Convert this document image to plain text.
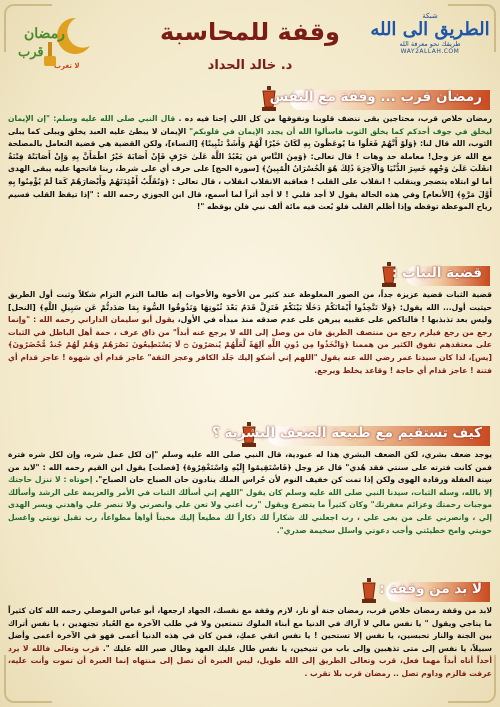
رمضان
قرب
لا تغرب
شبكة
الطريق الى الله
طريقك نحو معرفة الله
WAY2ALLAH.COM
وقفة للمحاسبة
د. خالد الحداد
رمضان قرب ... وقفة مع النفس
رمضان خلاص قرب، محتاجين بقى ننضف قلوبنا ونفوقها من كل اللي إحنا فيه ده . قال النبي صلى الله عليه وسلم: "إن الإيمان ليخلق في جوف أحدكم كما يخلق الثوب فاسألوا الله أن يجدد الإيمان في قلوبكم" الإيمان لا يبطئ عليه العبد يخلق ويبلى كما يبلى الثوب، الله قال لنا: ﴿وَلَوْ أَنَّهُمْ فَعَلُوا مَا يُوعَظُونَ بِهِ لَكَانَ خَيْرًا لَّهُمْ وَأَشَدَّ تَثْبِيتًا﴾ [النساء]، ولكن القضية هي قضية التعامل بالمصلحة مع الله عز وجل! معاملة حد وهات ! قال تعالى: ﴿وَمِنَ النَّاسِ مَن يَعْبُدُ اللَّهَ عَلَىٰ حَرْفٍ فَإِنْ أَصَابَهُ خَيْرٌ اطْمَأَنَّ بِهِ وَإِنْ أَصَابَتْهُ فِتْنَةٌ انقَلَبَ عَلَىٰ وَجْهِهِ خَسِرَ الدُّنْيَا وَالْآخِرَةَ ذَٰلِكَ هُوَ الْخُسْرَانُ الْمُبِينُ﴾ [سورة الحج] على حرف أي على شرط، ربنا فاتحها عليه يبقى الهدى أما لو ابتلاه يتضجر وينقلب ! انقلاب على القلب ! فعاقبة الانقلاب انقلاب ، قال تعالى : ﴿وَنُقَلِّبُ أَفْئِدَتَهُمْ وَأَبْصَارَهُمْ كَمَا لَمْ يُؤْمِنُوا بِهِ أَوَّلَ مَرَّةٍ﴾ [الأنعام] وفي هذه الحالة يقول لا أجد قلبي ! لا أجد أثراً لما أسمع، قال ابن الجوزي رحمه الله : "إذا تيقظ القلب فسيم رياح الموعظة توقظه وإذا أظلم القلب فلو بُعث فيه مائة ألف نبي فلن يوقظه "!
قضية الثبات :
قضية الثبات قضية عزيزة جداً، من الصور المغلوطة عند كثير من الأخوة والأخوات إنه طالما التزم التزام شكلاً وثبت أول الطريق حيثبت أول... الله يقول: ﴿وَلَا تَتَّخِذُوا أَيْمَانَكُمْ دَخَلًا بَيْنَكُمْ فَتَزِلَّ قَدَمٌ بَعْدَ ثُبُوتِهَا وَتَذُوقُوا السُّوءَ بِمَا صَدَدتُّمْ عَن سَبِيلِ اللَّهِ﴾ [النحل] وليس بعد تذبذبها ! فالتاكص على عقبيه يبرهن على عدم صدقه منذ مبدأه في الأول، يقول أبو سليمان الداراني رحمه الله : "وإنما رجع من رجع فيلزم رجع من منتصف الطريق فان من وصل إلى الله لا يرجع عنه أبداً" من ذاق عرف ، حمة أهل الباطل في الثبات على معتقدهم تفوق الكثير من هممنا ﴿وَاتَّخَذُوا مِن دُونِ اللَّهِ آلِهَةً لَّعَلَّهُمْ يُنصَرُونَ ۝ لَا يَسْتَطِيعُونَ نَصْرَهُمْ وَهُمْ لَهُمْ جُندٌ مُّحْضَرُونَ﴾ [يس]، لذا كان سيدنا عمر رضي الله عنه يقول "اللهم إني أشكو إليك جَلَد الكافر وعجز الثقة" عاجز قدام أي شهوة ! عاجز قدام أي فتنة ! عاجز قدام أي حاجة ! وقاعد يخلط ويرجع.
كيف تستقيم مع طبيعة الضعف البشرية ؟
يوجد ضعف بشري، لكن الضعف البشري هذا له عبودية، قال النبي صلى الله عليه وسلم "إن لكل عمل شره، وإن لكل شره فترة فمن كانت فترته على سنتي فقد هُدي" قال عز وجل ﴿فَاسْتَقِيمُوا إِلَيْهِ وَاسْتَغْفِرُوهُ﴾ [فصلت] يقول ابن القيم رحمه الله : "لابد من سِنة الغفلة ورقادة الهوى ولكن إذا تمت كن خفيف النوم لأن حُراس الملك ينادون حان الصباح حان الصباح". إخوتاه : لا تنزل حاجتك إلا بالله، وسله الثبات، سيدنا النبي صلى الله عليه وسلم كان يقول "اللهم إني أسألك الثبات في الأمر والعزيمة على الرشد وأسألك موجبات رحمتك وعزائم مغفرتك" وكان كثيراً ما يتضرع ويقول "رب أعني ولا تعن علي وانصرني ولا تنصر علي واهدني ويسر الهدى إلي ، وانصرني على من بغى علي ، رب اجعلني لك شكاراً لك ذكاراً لك مطيعاً إليك مخبتاً أواهاً مطواعاً، رب تقبل توبتي واغسل حوبتي وامح خطيئتي وأجب دعوتي واسلل سخيمة صدري".
لا بد من وقفة :
لابد من وقفة رمضان خلاص قرب، رمضان جنة أو نار، لازم وقفة مع نفسك، الجهاد ارجعها، أبو عباس الموصلي رحمه الله كان كثيراً ما يناجي ويقول " يا نفس مالي لا آراك في الدنيا مع أبناء الملوك تتمتعين ولا في طلب الآخرة مع العُباد تجتهدين ، يا نفس أتراك بين الجنة والنار تحبسين، يا نفس إلا تستحين ! يا نفس اتقي عمكِ، فمن كان في هذه الدنيا أعمى فهو في الآخرة أعمى وأضل سبيلاً، يا نفس إلى متى تذهبين وإلى باب من تنيخين، يا نفس طال عليك العهد وطال صبر الله عليك ". قرب وتعالى فالله لا يرد أحداً أتاه أبداً مهما فعل، قرب وتعالى الطريق إلى الله طويل، ليس العبرة أن تصل إلى منتهاه إنما العبرة أن تموت وأنت عليه، عرفت فالزم وداوم تصل .. رمضان قرب بلا تقرب .
